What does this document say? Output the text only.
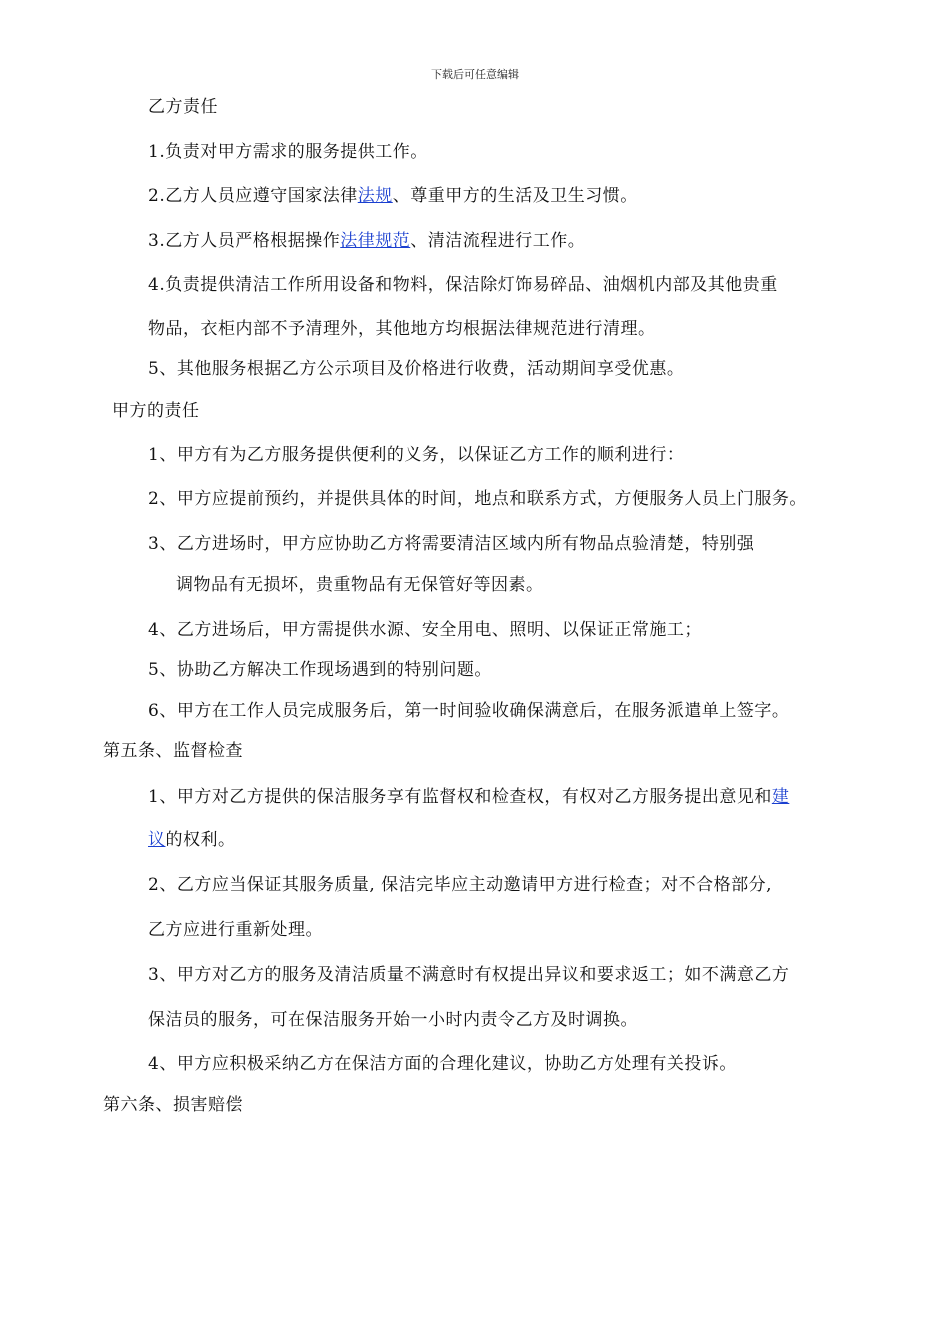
下载后可任意编辑
乙方责任
1.负责对甲方需求的服务提供工作。
2.乙方人员应遵守国家法律法规、尊重甲方的生活及卫生习惯。
3.乙方人员严格根据操作法律规范、清洁流程进行工作。
4.负责提供清洁工作所用设备和物料，保洁除灯饰易碎品、油烟机内部及其他贵重
物品，衣柜内部不予清理外，其他地方均根据法律规范进行清理。
5、其他服务根据乙方公示项目及价格进行收费，活动期间享受优惠。
甲方的责任
1、甲方有为乙方服务提供便利的义务，以保证乙方工作的顺利进行：
2、甲方应提前预约，并提供具体的时间，地点和联系方式，方便服务人员上门服务。
3、乙方进场时，甲方应协助乙方将需要清洁区域内所有物品点验清楚，特别强
调物品有无损坏，贵重物品有无保管好等因素。
4、乙方进场后，甲方需提供水源、安全用电、照明、以保证正常施工；
5、协助乙方解决工作现场遇到的特别问题。
6、甲方在工作人员完成服务后，第一时间验收确保满意后，在服务派遣单上签字。
第五条、监督检查
1、甲方对乙方提供的保洁服务享有监督权和检查权，有权对乙方服务提出意见和建
议的权利。
2、乙方应当保证其服务质量, 保洁完毕应主动邀请甲方进行检查；对不合格部分,
乙方应进行重新处理。
3、甲方对乙方的服务及清洁质量不满意时有权提出异议和要求返工；如不满意乙方
保洁员的服务，可在保洁服务开始一小时内责令乙方及时调换。
4、甲方应积极采纳乙方在保洁方面的合理化建议，协助乙方处理有关投诉。
第六条、损害赔偿
